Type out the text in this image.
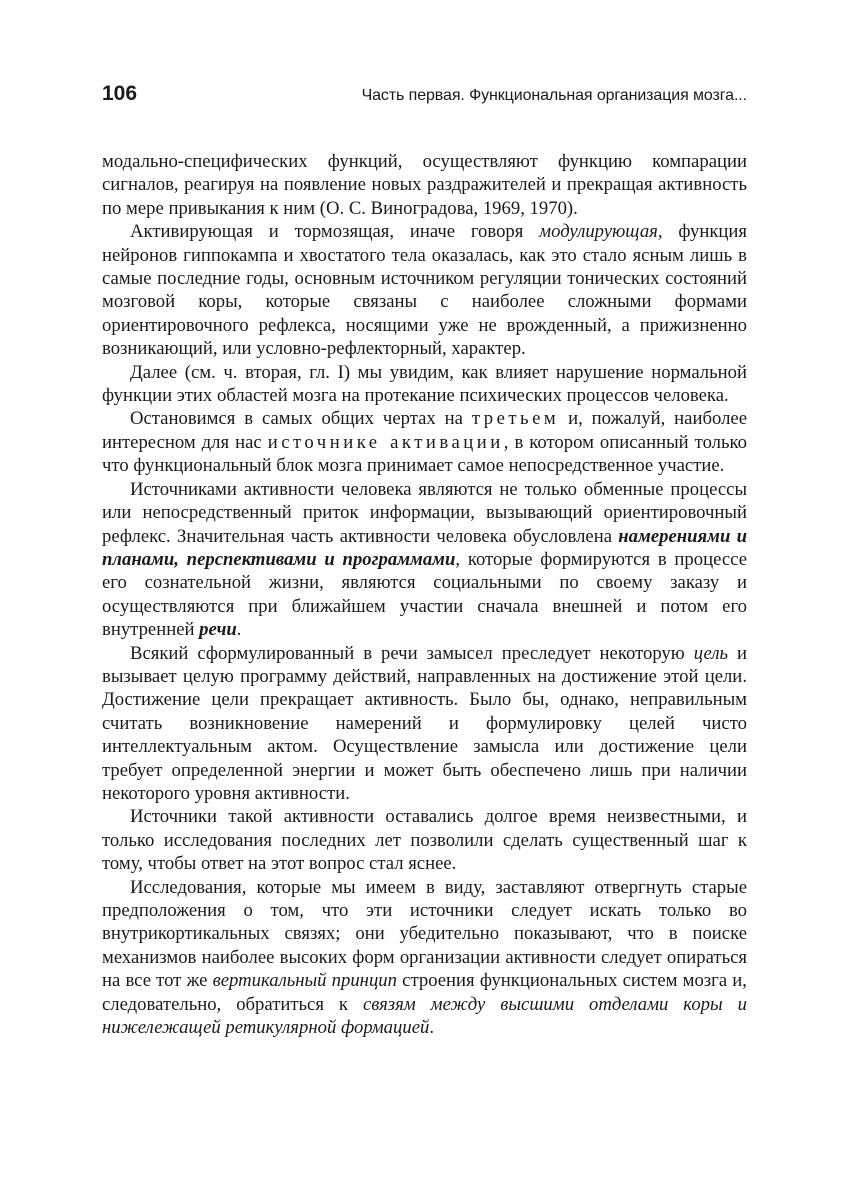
106	Часть первая. Функциональная организация мозга...

модально-специфических функций, осуществляют функцию компарации сигналов, реагируя на появление новых раздражителей и прекращая активность по мере привыкания к ним (О. С. Виноградова, 1969, 1970).

Активирующая и тормозящая, иначе говоря модулирующая, функция нейронов гиппокампа и хвостатого тела оказалась, как это стало ясным лишь в самые последние годы, основным источником регуляции тонических состояний мозговой коры, которые связаны с наиболее сложными формами ориентировочного рефлекса, носящими уже не врожденный, а прижизненно возникающий, или условно-рефлекторный, характер.

Далее (см. ч. вторая, гл. I) мы увидим, как влияет нарушение нормальной функции этих областей мозга на протекание психических процессов человека.

Остановимся в самых общих чертах на третьем и, пожалуй, наиболее интересном для нас источнике активации, в котором описанный только что функциональный блок мозга принимает самое непосредственное участие.

Источниками активности человека являются не только обменные процессы или непосредственный приток информации, вызывающий ориентировочный рефлекс. Значительная часть активности человека обусловлена намерениями и планами, перспективами и программами, которые формируются в процессе его сознательной жизни, являются социальными по своему заказу и осуществляются при ближайшем участии сначала внешней и потом его внутренней речи.

Всякий сформулированный в речи замысел преследует некоторую цель и вызывает целую программу действий, направленных на достижение этой цели. Достижение цели прекращает активность. Было бы, однако, неправильным считать возникновение намерений и формулировку целей чисто интеллектуальным актом. Осуществление замысла или достижение цели требует определенной энергии и может быть обеспечено лишь при наличии некоторого уровня активности.

Источники такой активности оставались долгое время неизвестными, и только исследования последних лет позволили сделать существенный шаг к тому, чтобы ответ на этот вопрос стал яснее.

Исследования, которые мы имеем в виду, заставляют отвергнуть старые предположения о том, что эти источники следует искать только во внутрикортикальных связях; они убедительно показывают, что в поиске механизмов наиболее высоких форм организации активности следует опираться на все тот же вертикальный принцип строения функциональных систем мозга и, следовательно, обратиться к связям между высшими отделами коры и нижележащей ретикулярной формацией.
